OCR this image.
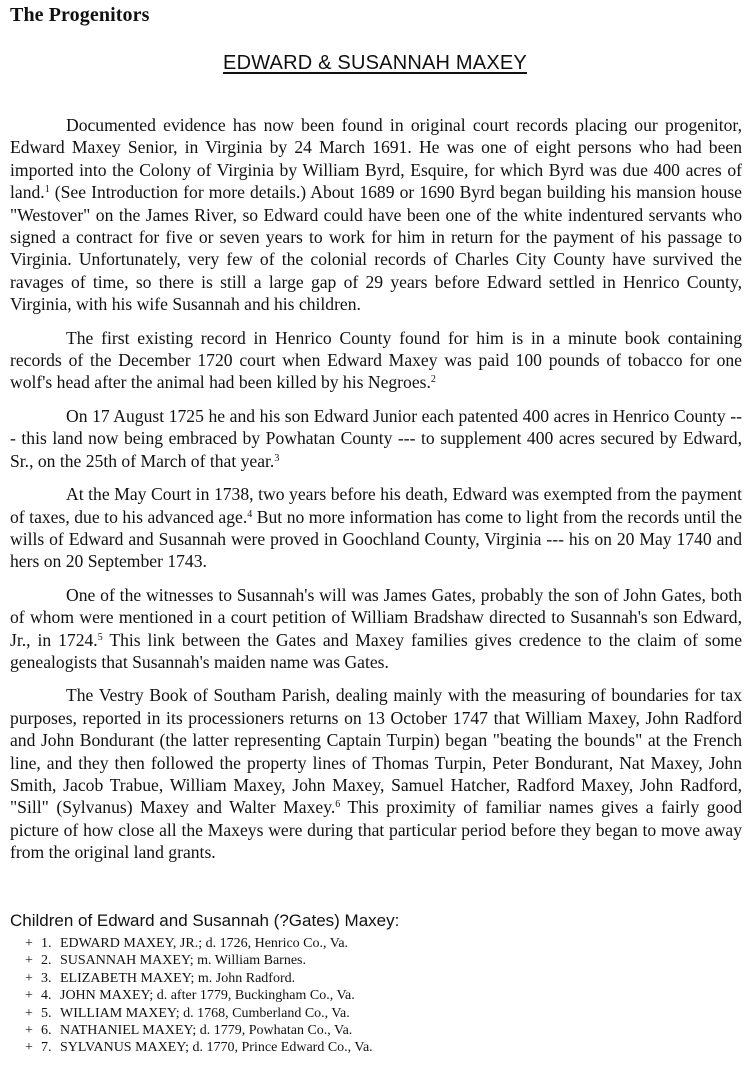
The Progenitors
EDWARD & SUSANNAH MAXEY

Documented evidence has now been found in original court records placing our progenitor, Edward Maxey Senior, in Virginia by 24 March 1691. He was one of eight persons who had been imported into the Colony of Virginia by William Byrd, Esquire, for which Byrd was due 400 acres of land.$^1$ (See Introduction for more details.) About 1689 or 1690 Byrd began building his mansion house "Westover" on the James River, so Edward could have been one of the white indentured servants who signed a contract for five or seven years to work for him in return for the payment of his passage to Virginia. Unfortunately, very few of the colonial records of Charles City County have survived the ravages of time, so there is still a large gap of 29 years before Edward settled in Henrico County, Virginia, with his wife Susannah and his children.

The first existing record in Henrico County found for him is in a minute book containing records of the December 1720 court when Edward Maxey was paid 100 pounds of tobacco for one wolf's head after the animal had been killed by his Negroes.$^2$

On 17 August 1725 he and his son Edward Junior each patented 400 acres in Henrico County --- this land now being embraced by Powhatan County --- to supplement 400 acres secured by Edward, Sr., on the 25th of March of that year.$^3$

At the May Court in 1738, two years before his death, Edward was exempted from the payment of taxes, due to his advanced age.$^4$ But no more information has come to light from the records until the wills of Edward and Susannah were proved in Goochland County, Virginia --- his on 20 May 1740 and hers on 20 September 1743.

One of the witnesses to Susannah's will was James Gates, probably the son of John Gates, both of whom were mentioned in a court petition of William Bradshaw directed to Susannah's son Edward, Jr., in 1724.$^5$ This link between the Gates and Maxey families gives credence to the claim of some genealogists that Susannah's maiden name was Gates.

The Vestry Book of Southam Parish, dealing mainly with the measuring of boundaries for tax purposes, reported in its processioners returns on 13 October 1747 that William Maxey, John Radford and John Bondurant (the latter representing Captain Turpin) began "beating the bounds" at the French line, and they then followed the property lines of Thomas Turpin, Peter Bondurant, Nat Maxey, John Smith, Jacob Trabue, William Maxey, John Maxey, Samuel Hatcher, Radford Maxey, John Radford, "Sill" (Sylvanus) Maxey and Walter Maxey.$^6$ This proximity of familiar names gives a fairly good picture of how close all the Maxeys were during that particular period before they began to move away from the original land grants.

Children of Edward and Susannah (?Gates) Maxey:
+ 1. EDWARD MAXEY, JR.; d. 1726, Henrico Co., Va.
+ 2. SUSANNAH MAXEY; m. William Barnes.
+ 3. ELIZABETH MAXEY; m. John Radford.
+ 4. JOHN MAXEY; d. after 1779, Buckingham Co., Va.
+ 5. WILLIAM MAXEY; d. 1768, Cumberland Co., Va.
+ 6. NATHANIEL MAXEY; d. 1779, Powhatan Co., Va.
+ 7. SYLVANUS MAXEY; d. 1770, Prince Edward Co., Va.
